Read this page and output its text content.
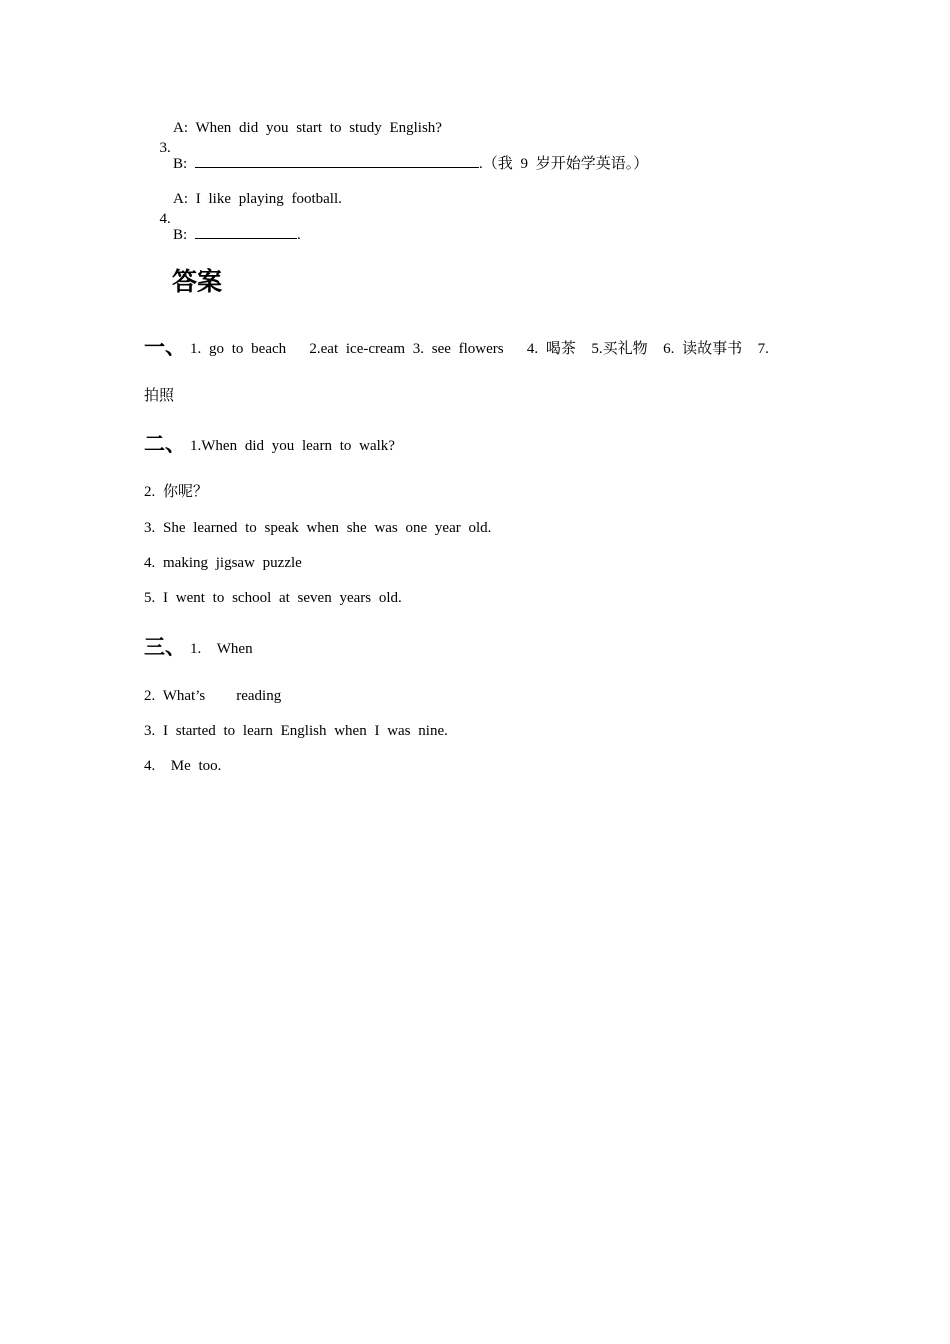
3.

A: When did you start to study English?
B:	.（我 9 岁开始学英语。）

4.

A: I like playing football.
B:	.
答案
一、 1. go to beach   2.eat ice-cream 3. see flowers   4. 喝茶  5.买礼物  6. 读故事书  7.
拍照
二、 1.When did you learn to walk?
2. 你呢？
3. She learned to speak when she was one year old.
4. making jigsaw puzzle
5. I went to school at seven years old.
三、 1.  When
2. What’s    reading
3. I started to learn English when I was nine.
4.  Me too.
